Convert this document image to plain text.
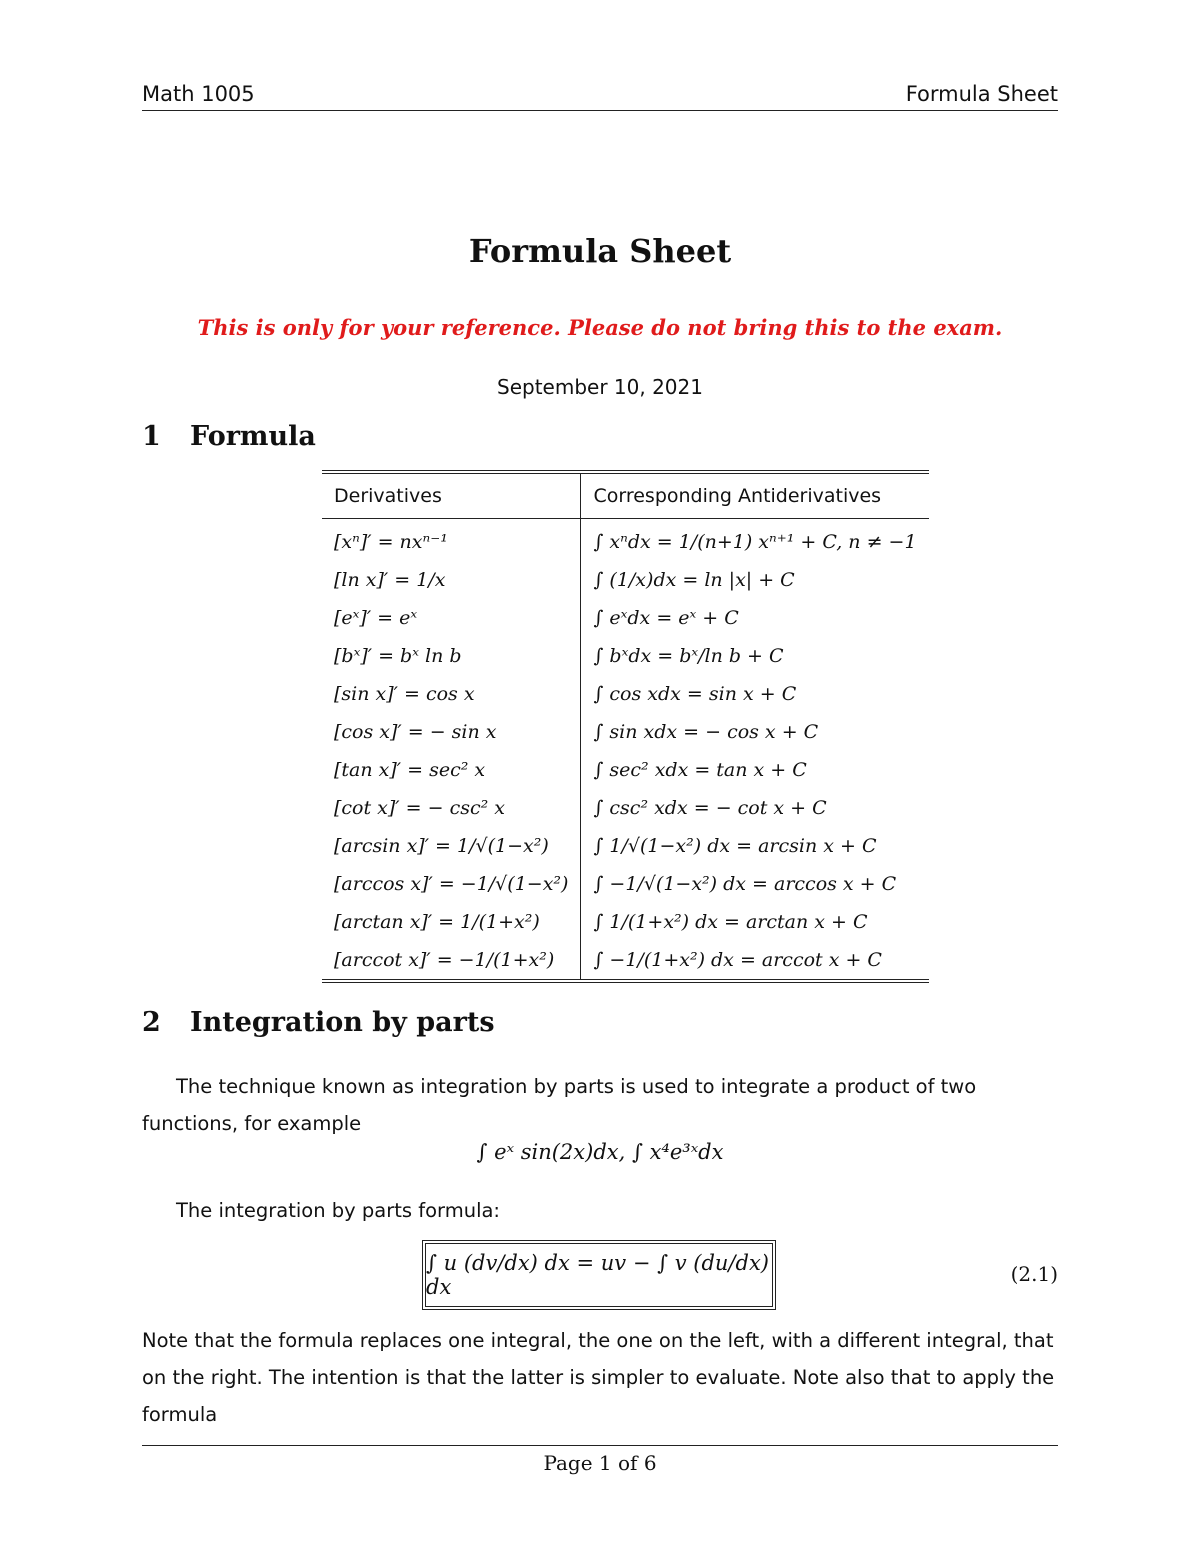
Math 1005	Formula Sheet
Formula Sheet
This is only for your reference. Please do not bring this to the exam.
September 10, 2021
1 Formula
Derivatives	Corresponding Antiderivatives
[xⁿ]′ = nxⁿ⁻¹	∫ xⁿdx = 1/(n+1) xⁿ⁺¹ + C, n ≠ −1
[ln x]′ = 1/x	∫ (1/x)dx = ln |x| + C
[eˣ]′ = eˣ	∫ eˣdx = eˣ + C
[bˣ]′ = bˣ ln b	∫ bˣdx = bˣ/ln b + C
[sin x]′ = cos x	∫ cos xdx = sin x + C
[cos x]′ = − sin x	∫ sin xdx = − cos x + C
[tan x]′ = sec² x	∫ sec² xdx = tan x + C
[cot x]′ = − csc² x	∫ csc² xdx = − cot x + C
[arcsin x]′ = 1/√(1−x²)	∫ 1/√(1−x²) dx = arcsin x + C
[arccos x]′ = −1/√(1−x²)	∫ −1/√(1−x²) dx = arccos x + C
[arctan x]′ = 1/(1+x²)	∫ 1/(1+x²) dx = arctan x + C
[arccot x]′ = −1/(1+x²)	∫ −1/(1+x²) dx = arccot x + C
2 Integration by parts
The technique known as integration by parts is used to integrate a product of two functions, for example
∫ eˣ sin(2x)dx, ∫ x⁴e³ˣdx
The integration by parts formula:
∫ u (dv/dx) dx = uv − ∫ v (du/dx) dx
(2.1)
Note that the formula replaces one integral, the one on the left, with a different integral, that on the right. The intention is that the latter is simpler to evaluate. Note also that to apply the formula
Page 1 of 6
